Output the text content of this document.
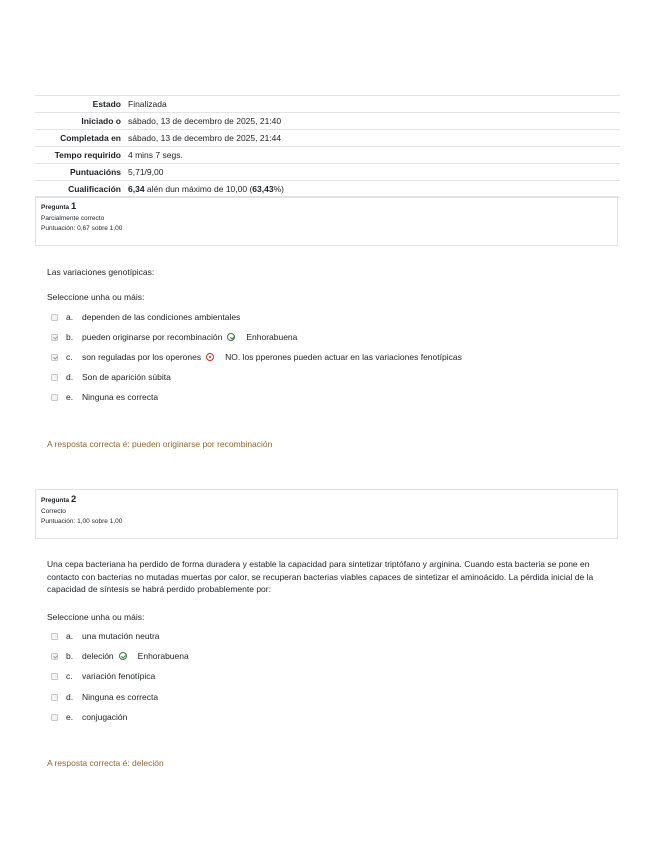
Estado	Finalizada
Iniciado o	sábado, 13 de decembro de 2025, 21:40
Completada en	sábado, 13 de decembro de 2025, 21:44
Tempo requirido	4 mins 7 segs.
Puntuacións	5,71/9,00
Cualificación	6,34 alén dun máximo de 10,00 (63,43%)
Pregunta 1
Parcialmente correcto
Puntuación: 0,67 sobre 1,00
Las variaciones genotípicas:
Seleccione unha ou máis:
a.	dependen de las condiciones ambientales
b.	pueden originarse por recombinación	Enhorabuena
c.	son reguladas por los operones	NO. los pperones pueden actuar en las variaciones fenotípicas
d.	Son de aparición súbita
e.	Ninguna es correcta
A resposta correcta é: pueden originarse por recombinación
Pregunta 2
Correcto
Puntuación: 1,00 sobre 1,00
Una cepa bacteriana ha perdido de forma duradera y estable la capacidad para sintetizar triptófano y arginina. Cuando esta bacteria se pone en contacto con bacterias no mutadas muertas por calor, se recuperan bacterias viables capaces de sintetizar el aminoácido. La pérdida inicial de la capacidad de síntesis se habrá perdido probablemente por:
Seleccione unha ou máis:
a.	una mutación neutra
b.	deleción	Enhorabuena
c.	variación fenotípica
d.	Ninguna es correcta
e.	conjugación
A resposta correcta é: deleción
